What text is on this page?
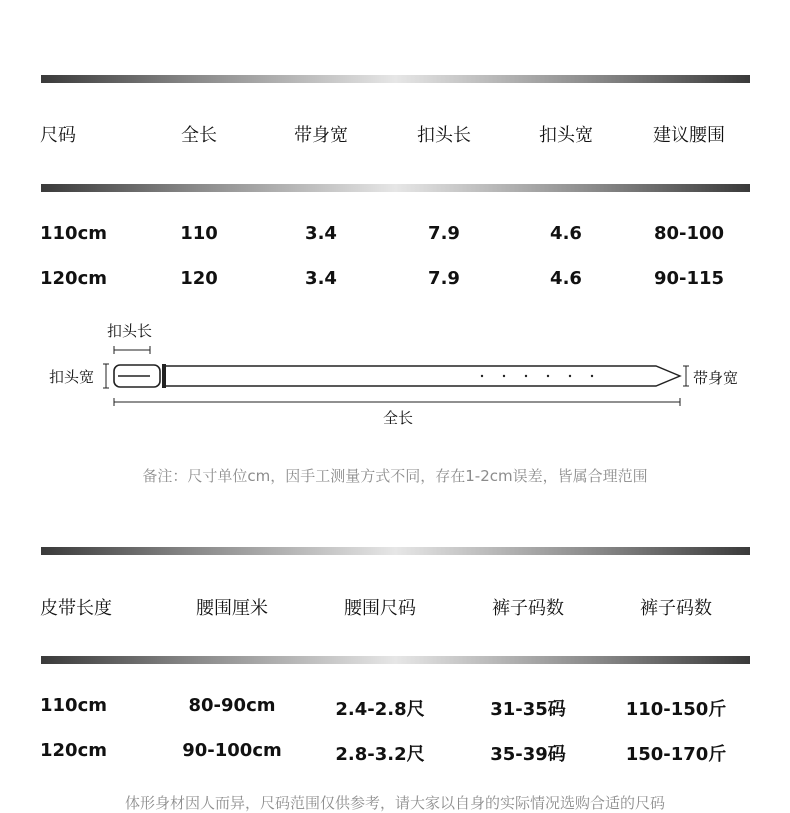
尺码	全长	带身宽	扣头长	扣头宽	建议腰围
110cm	110	3.4	7.9	4.6	80-100
120cm	120	3.4	7.9	4.6	90-115
扣头长
扣头宽	带身宽
全长
备注：尺寸单位cm，因手工测量方式不同，存在1-2cm误差，皆属合理范围
皮带长度	腰围厘米	腰围尺码	裤子码数	裤子码数
110cm	80-90cm	2.4-2.8尺	31-35码	110-150斤
120cm	90-100cm	2.8-3.2尺	35-39码	150-170斤
体形身材因人而异，尺码范围仅供参考，请大家以自身的实际情况选购合适的尺码
